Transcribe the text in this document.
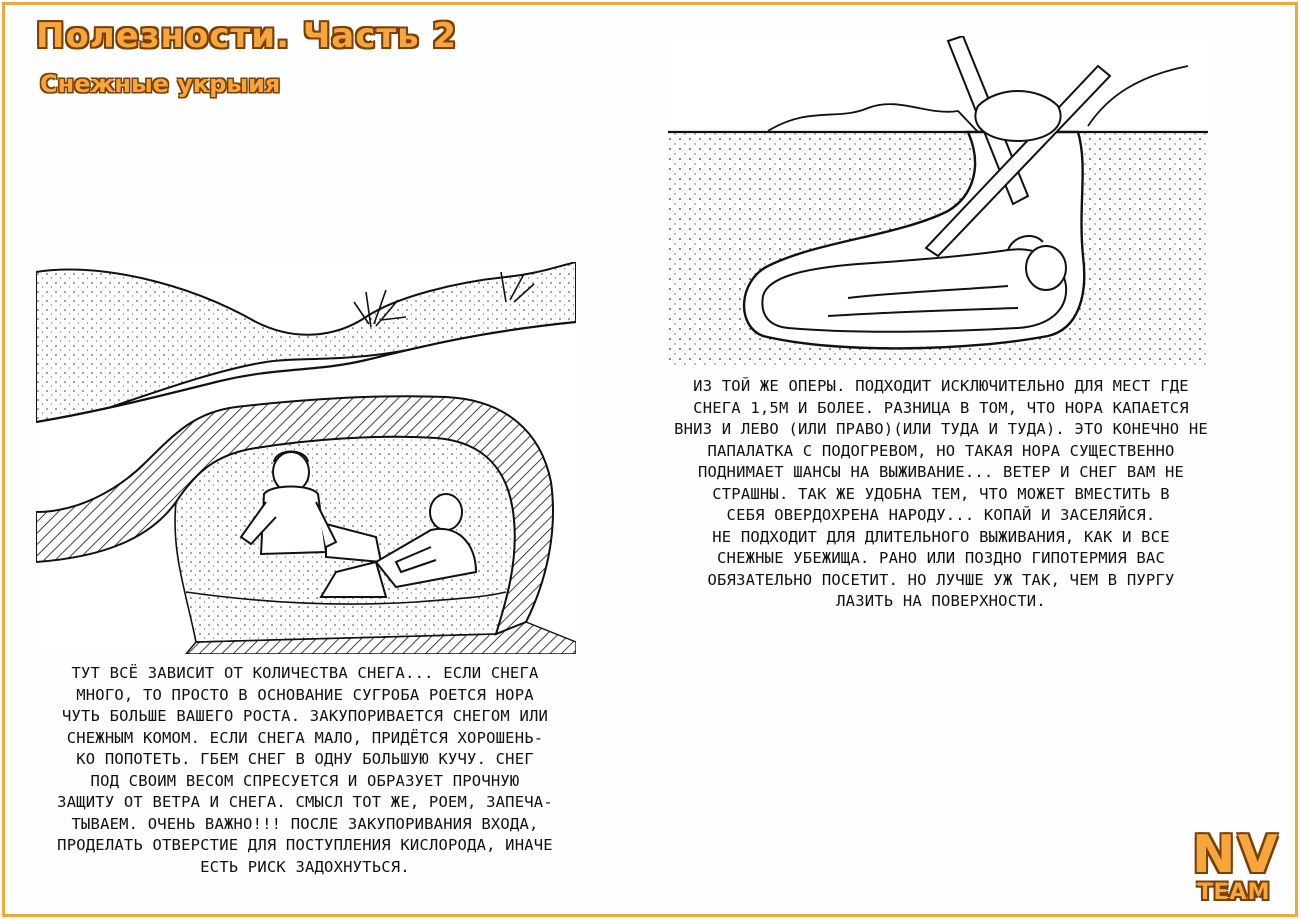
Полезности. Часть 2
Снежные укрыия
ТУТ ВСЁ ЗАВИСИТ ОТ КОЛИЧЕСТВА СНЕГА... ЕСЛИ СНЕГА
МНОГО, ТО ПРОСТО В ОСНОВАНИЕ СУГРОБА РОЕТСЯ НОРА
ЧУТЬ БОЛЬШЕ ВАШЕГО РОСТА. ЗАКУПОРИВАЕТСЯ СНЕГОМ ИЛИ
СНЕЖНЫМ КОМОМ. ЕСЛИ СНЕГА МАЛО, ПРИДЁТСЯ ХОРОШЕНЬ-
КО ПОПОТЕТЬ. ГБЕМ СНЕГ В ОДНУ БОЛЬШУЮ КУЧУ. СНЕГ
ПОД СВОИМ ВЕСОМ СПРЕСУЕТСЯ И ОБРАЗУЕТ ПРОЧНУЮ
ЗАЩИТУ ОТ ВЕТРА И СНЕГА. СМЫСЛ ТОТ ЖЕ, РОЕМ, ЗАПЕЧА-
ТЫВАЕМ. ОЧЕНЬ ВАЖНО!!! ПОСЛЕ ЗАКУПОРИВАНИЯ ВХОДА,
ПРОДЕЛАТЬ ОТВЕРСТИЕ ДЛЯ ПОСТУПЛЕНИЯ КИСЛОРОДА, ИНАЧЕ
ЕСТЬ РИСК ЗАДОХНУТЬСЯ.
ИЗ ТОЙ ЖЕ ОПЕРЫ. ПОДХОДИТ ИСКЛЮЧИТЕЛЬНО ДЛЯ МЕСТ ГДЕ
СНЕГА 1,5М И БОЛЕЕ. РАЗНИЦА В ТОМ, ЧТО НОРА КАПАЕТСЯ
ВНИЗ И ЛЕВО (ИЛИ ПРАВО)(ИЛИ ТУДА И ТУДА). ЭТО КОНЕЧНО НЕ
ПАПАЛАТКА С ПОДОГРЕВОМ, НО ТАКАЯ НОРА СУЩЕСТВЕННО
ПОДНИМАЕТ ШАНСЫ НА ВЫЖИВАНИЕ... ВЕТЕР И СНЕГ ВАМ НЕ
СТРАШНЫ. ТАК ЖЕ УДОБНА ТЕМ, ЧТО МОЖЕТ ВМЕСТИТЬ В
СЕБЯ ОВЕРДОХРЕНА НАРОДУ... КОПАЙ И ЗАСЕЛЯЙСЯ.
НЕ ПОДХОДИТ ДЛЯ ДЛИТЕЛЬНОГО ВЫЖИВАНИЯ, КАК И ВСЕ
СНЕЖНЫЕ УБЕЖИЩА. РАНО ИЛИ ПОЗДНО ГИПОТЕРМИЯ ВАС
ОБЯЗАТЕЛЬНО ПОСЕТИТ. НО ЛУЧШЕ УЖ ТАК, ЧЕМ В ПУРГУ
ЛАЗИТЬ НА ПОВЕРХНОСТИ.
NV
TEAM
